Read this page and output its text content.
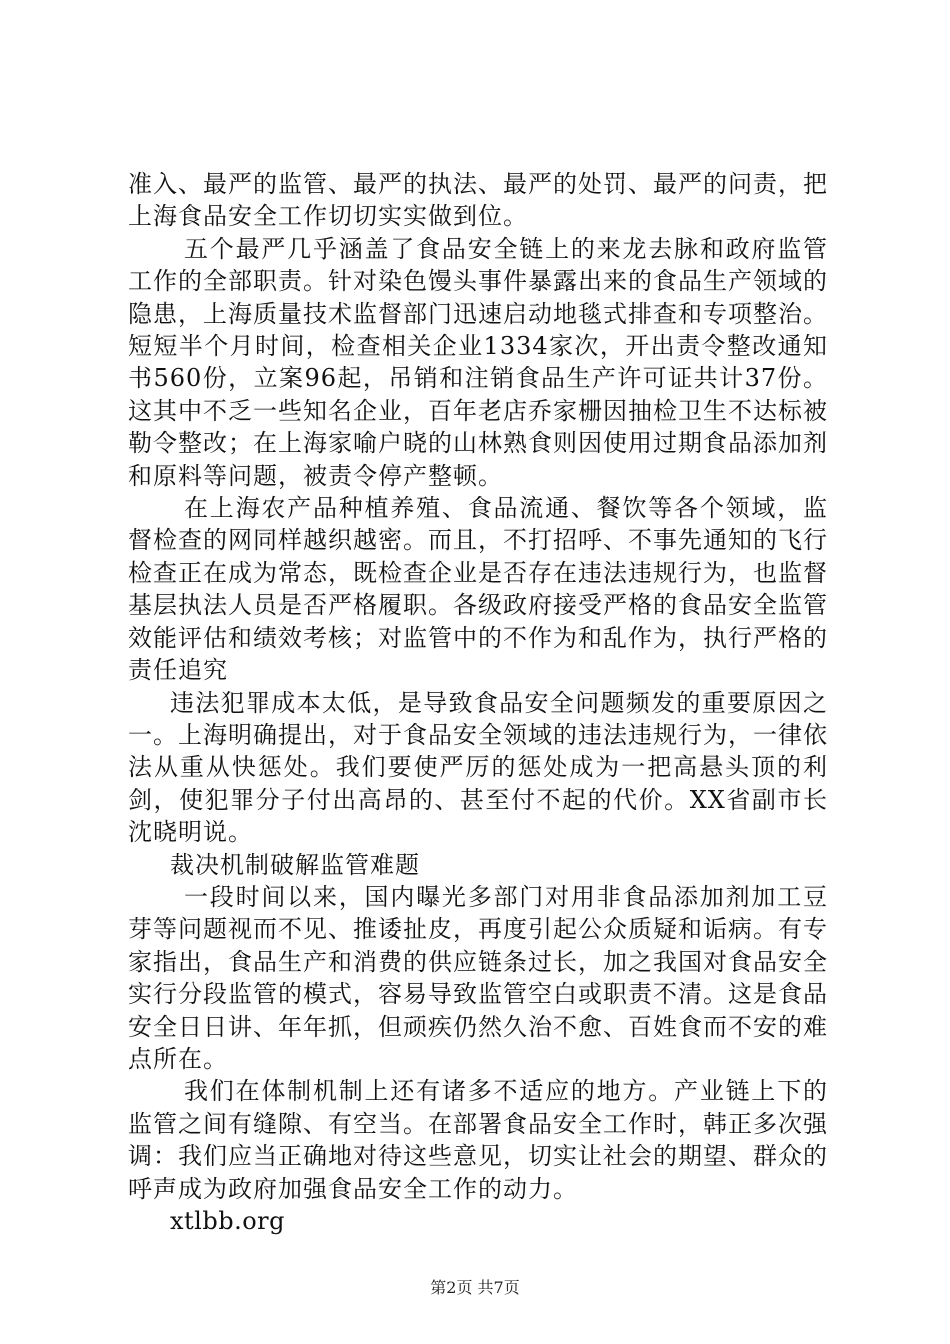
准入、最严的监管、最严的执法、最严的处罚、最严的问责，把上海食品安全工作切切实实做到位。

五个最严几乎涵盖了食品安全链上的来龙去脉和政府监管工作的全部职责。针对染色馒头事件暴露出来的食品生产领域的隐患，上海质量技术监督部门迅速启动地毯式排查和专项整治。短短半个月时间，检查相关企业1334家次，开出责令整改通知书560份，立案96起，吊销和注销食品生产许可证共计37份。这其中不乏一些知名企业，百年老店乔家栅因抽检卫生不达标被勒令整改；在上海家喻户晓的山林熟食则因使用过期食品添加剂和原料等问题，被责令停产整顿。

在上海农产品种植养殖、食品流通、餐饮等各个领域，监督检查的网同样越织越密。而且，不打招呼、不事先通知的飞行检查正在成为常态，既检查企业是否存在违法违规行为，也监督基层执法人员是否严格履职。各级政府接受严格的食品安全监管效能评估和绩效考核；对监管中的不作为和乱作为，执行严格的责任追究

违法犯罪成本太低，是导致食品安全问题频发的重要原因之一。上海明确提出，对于食品安全领域的违法违规行为，一律依法从重从快惩处。我们要使严厉的惩处成为一把高悬头顶的利剑，使犯罪分子付出高昂的、甚至付不起的代价。XX省副市长沈晓明说。

裁决机制破解监管难题

一段时间以来，国内曝光多部门对用非食品添加剂加工豆芽等问题视而不见、推诿扯皮，再度引起公众质疑和诟病。有专家指出，食品生产和消费的供应链条过长，加之我国对食品安全实行分段监管的模式，容易导致监管空白或职责不清。这是食品安全日日讲、年年抓，但顽疾仍然久治不愈、百姓食而不安的难点所在。

我们在体制机制上还有诸多不适应的地方。产业链上下的监管之间有缝隙、有空当。在部署食品安全工作时，韩正多次强调：我们应当正确地对待这些意见，切实让社会的期望、群众的呼声成为政府加强食品安全工作的动力。

xtlbb.org

第2页 共7页
